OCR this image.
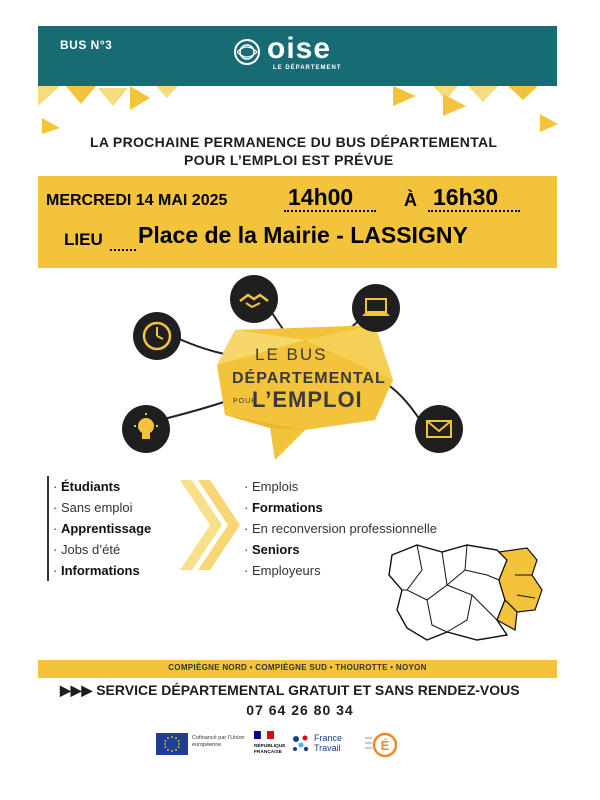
BUS N°3	oise
LE DÉPARTEMENT
LA PROCHAINE PERMANENCE DU BUS DÉPARTEMENTAL
POUR L’EMPLOI EST PRÉVUE
MERCREDI 14 MAI 2025	14h00	À 16h30
LIEU Place de la Mairie - LASSIGNY
LE BUS
DÉPARTEMENTAL
L’EMPLOI
POUR
· Étudiants
· Sans emploi
· Apprentissage
· Jobs d’été
· Informations
· Emplois
· Formations
· En reconversion professionnelle
· Seniors
· Employeurs
COMPIÈGNE NORD • COMPIÈGNE SUD • THOUROTTE • NOYON
▶▶▶ SERVICE DÉPARTEMENTAL GRATUIT ET SANS RENDEZ-VOUS
07 64 26 80 34
Cofinancé par l’Union européenne	RÉPUBLIQUE FRANÇAISE
France
Travail	É
